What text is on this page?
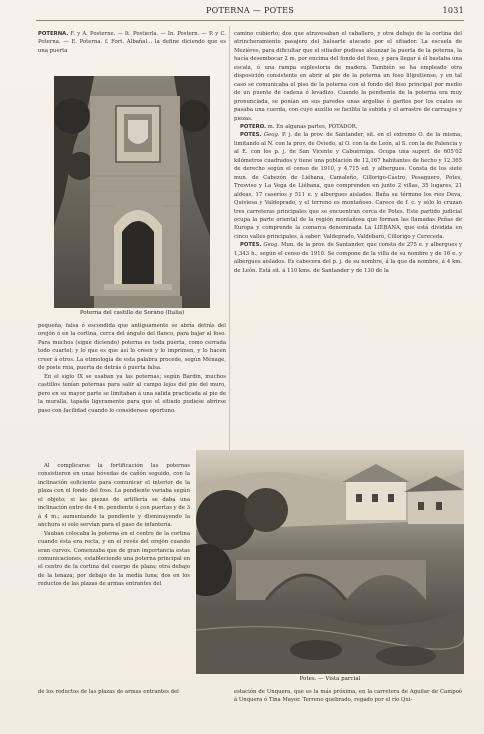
POTERNA — POTES	1031

POTERNA. F. y A. Posterne. — It. Postierla. — In. Postern. — P. y C. Poterna. — E. Poterna. f. Fort. Albañal... la define diciendo que es una puerta

Poterna del castillo de Sorano (Italia)

pequeña, falsa ó escondida que antiguamente se abría detrás del orejón ó en la cortina, cerca del ángulo del flanco, para bajar al foso. Para muchos (sigue diciendo) poterna es toda puerta, como cerrada todo cuartel; y lo que es que así lo creen y lo imprimen, y lo hacen creer á otros. La etimología de esta palabra procede, según Ménage, de poste rnia, puerta de detrás ó puerta falsa.

En el siglo IX se usaban ya las poternas; según Bardin, muchos castillos tenían poternas para salir al campo lejos del pie del muro, pero en su mayor parte se limitaban á una salida practicada al pie de la muralla, tapada ligeramente para que el sitiado pudiese abrirse paso con facilidad cuando lo considerase oportuno.

Al complicarse la fortificación las poternas consistieron en unas bóvedas de cañón seguido, con la inclinación suficiente para comunicar el interior de la plaza con el fondo del foso. La pendiente variaba según el objeto; si las piezas de artillería se daba una inclinación entre de 4 m. pendiente ó con puertas y de 3 á 4 m.; aumentando la pendiente y disminuyendo la anchura si solo servían para el paso de infantería.

Vauban colocaba la poterna en el centro de la cortina cuando ésta era recta, y en el revés del orejón cuando eran curvos. Comenzaba que de gran importancia estas comunicaciones, estableciendo una poterna principal en el centro de la cortina del cuerpo de plaza; otra debajo de la tenaza; por debajo de la media luna; dos en los reductos de las plazas de armas entrantes del

camino cubierto; dos que atravesaban el caballero, y otra debajo de la cortina del atrincheramiento pasajero del baluarte atacado por el sitiador. La escuela de Mezières, para dificultar que el sitiador pudiese alcanzar la puerta de la poterna, la hacía desembocar 2 m. por encima del fondo del foso, y para llegar á él bastaba una escala, ó una rampa suplestoria de madera. También se ha empleado otra disposición consistente en abrir al pie de la poterna un foso liliputiense, y en tal caso se comunicaba el piso de la poterna con el fondo del foso principal por medio de un puente de cadena ó levadizo. Cuando la pendiente de la poterna era muy pronunciada, se ponían en sus paredes unas argollas ó garfios por los cuales se pasaba una cuerda, con cuyo auxilio se facilita la subida y el arrastre de carruajes y piezas.

POTERO. m. En algunas partes, POTADOR.

POTES. Geog. P. j. de la prov. de Santander, sit. en el extremo O. de la misma, limitando al N. con la prov. de Oviedo, al O. con la de León, al S. con la de Palencia y al E. con los p. j. de San Vicente y Cabuérniga. Ocupa una superf. de 605'02 kilómetros cuadrados y tiene una población de 12,167 habitantes de hecho y 12,365 de derecho según el censo de 1910, y 4,715 ed. y albergues. Consta de los siete mun. de Cabezón de Liébana, Camaleño, Cillorigo-Castro, Pesaguero, Potes, Tresviso y La Vega de Liébana, que comprenden en junto 2 villas, 35 lugares, 21 aldeas, 17 caseríos y 511 e. y albergues aislados. Baña su término los ríos Deva, Quiviesa y Valdeprado, y el terreno es montañoso. Carece de f. c. y sólo lo cruzan tres carreteras principales que se encuentran cerca de Potes. Este partido judicial ocupa la parte oriental de la región montañosa que forman las llamadas Peñas de Europa y comprende la comarca denominada La LIÉBANA, que está dividida en cinco valles principales, á saber: Valdeprado, Valdebaró, Cillorigo y Cereceda.

POTES. Geog. Mun. de la prov. de Santander, que consta de 275 e. y albergues y 1,343 h., según el censo de 1910. Se compone de la villa de su nombre y de 16 e. y albergues aislados. Es cabecera del p. j. de su nombre, á la que da nombre, á 4 km. de León. Está sit. á 110 kms. de Santander y de 130 de la

Potes. — Vista parcial

de los reductos de las plazas de armas entrantes del	estación de Unquera, que es la más próxima, en la carretera de Aguilar de Campoó á Unquera ó Tina Mayor. Terreno quebrado, regado por el río Qui-
